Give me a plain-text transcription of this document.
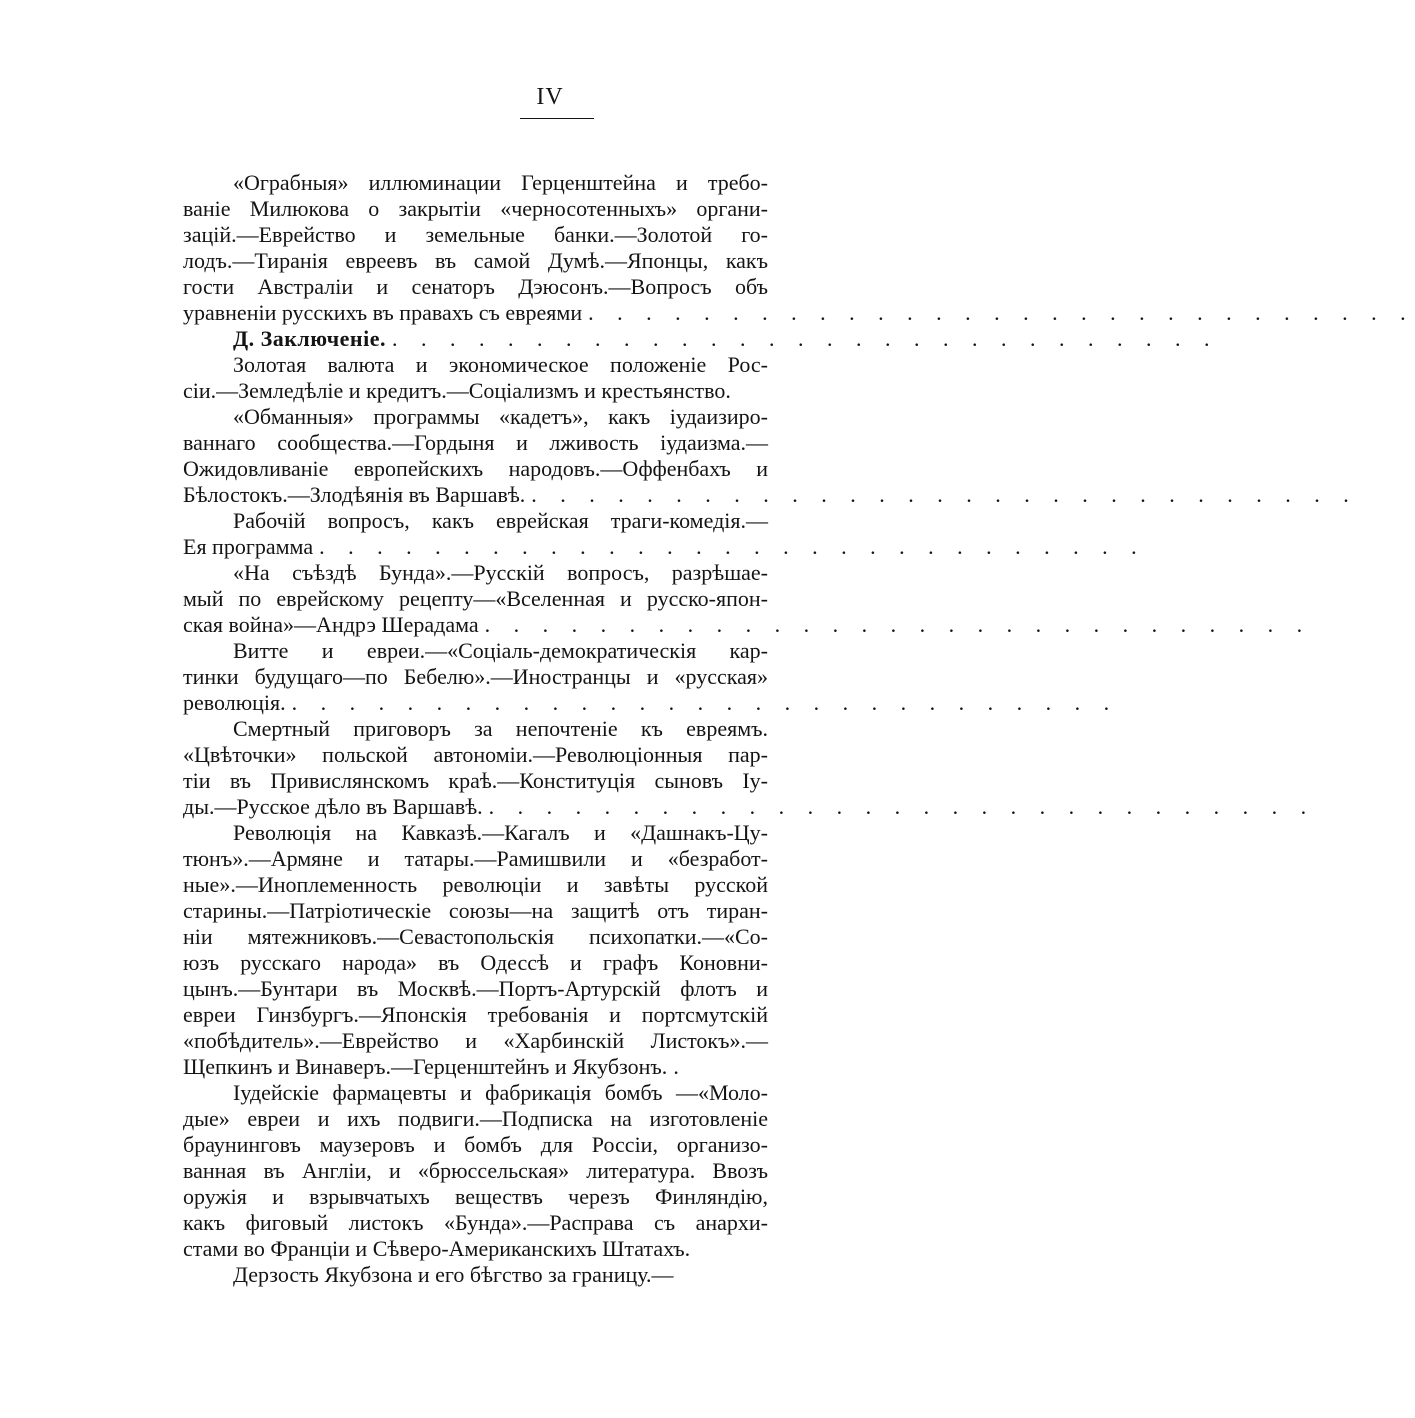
IV
«Ограбныя» иллюминации Герценштейна и требо-
ваніе Милюкова о закрытіи «черносотенныхъ» органи-
зацій.—Еврейство и земельные банки.—Золотой го-
лодъ.—Тиранія евреевъ въ самой Думѣ.—Японцы, какъ
гости Австраліи и сенаторъ Дэюсонъ.—Вопросъ объ
уравненіи русскихъ въ правахъ съ евреями . . . . . . . . . . . . . . . . . . . . . . . . . . . . .
Д. Заключеніе. . . . . . . . . . . . . . . . . . . . . . . . . . . . . .
Золотая валюта и экономическое положеніе Рос-
сіи.—Земледѣліе и кредитъ.—Соціализмъ и крестьянство.
«Обманныя» программы «кадетъ», какъ іудаизиро-
ваннаго сообщества.—Гордыня и лживость іудаизма.—
Ожидовливаніе европейскихъ народовъ.—Оффенбахъ и
Бѣлостокъ.—Злодѣянія въ Варшавѣ. . . . . . . . . . . . . . . . . . . . . . . . . . . . . .
Рабочій вопросъ, какъ еврейская траги-комедія.—
Ея программа . . . . . . . . . . . . . . . . . . . . . . . . . . . . .
«На съѣздѣ Бунда».—Русскій вопросъ, разрѣшае-
мый по еврейскому рецепту—«Вселенная и русско-япон-
ская война»—Андрэ Шерадама . . . . . . . . . . . . . . . . . . . . . . . . . . . . .
Витте и евреи.—«Соціаль-демократическія кар-
тинки будущаго—по Бебелю».—Иностранцы и «русская»
революція. . . . . . . . . . . . . . . . . . . . . . . . . . . . . .
Смертный приговоръ за непочтеніе къ евреямъ.
«Цвѣточки» польской автономіи.—Революціонныя пар-
тіи въ Привислянскомъ краѣ.—Конституція сыновъ Іу-
ды.—Русское дѣло въ Варшавѣ. . . . . . . . . . . . . . . . . . . . . . . . . . . . . .
Революція на Кавказѣ.—Кагалъ и «Дашнакъ-Цу-
тюнъ».—Армяне и татары.—Рамишвили и «безработ-
ные».—Иноплеменность революціи и завѣты русской
старины.—Патріотическіе союзы—на защитѣ отъ тиран-
ніи мятежниковъ.—Севастопольскія психопатки.—«Со-
юзъ русскаго народа» въ Одессѣ и графъ Коновни-
цынъ.—Бунтари въ Москвѣ.—Портъ-Артурскій флотъ и
евреи Гинзбургъ.—Японскія требованія и портсмутскій
«побѣдитель».—Еврейство и «Харбинскій Листокъ».—
Щепкинъ и Винаверъ.—Герценштейнъ и Якубзонъ. .
Іудейскіе фармацевты и фабрикація бомбъ —«Моло-
дые» евреи и ихъ подвиги.—Подписка на изготовленіе
браунинговъ маузеровъ и бомбъ для Россіи, организо-
ванная въ Англіи, и «брюссельская» литература. Ввозъ
оружія и взрывчатыхъ веществъ черезъ Финляндію,
какъ фиговый листокъ «Бунда».—Расправа съ анархи-
стами во Франціи и Сѣверо-Американскихъ Штатахъ.
Дерзость Якубзона и его бѣгство за границу.—
